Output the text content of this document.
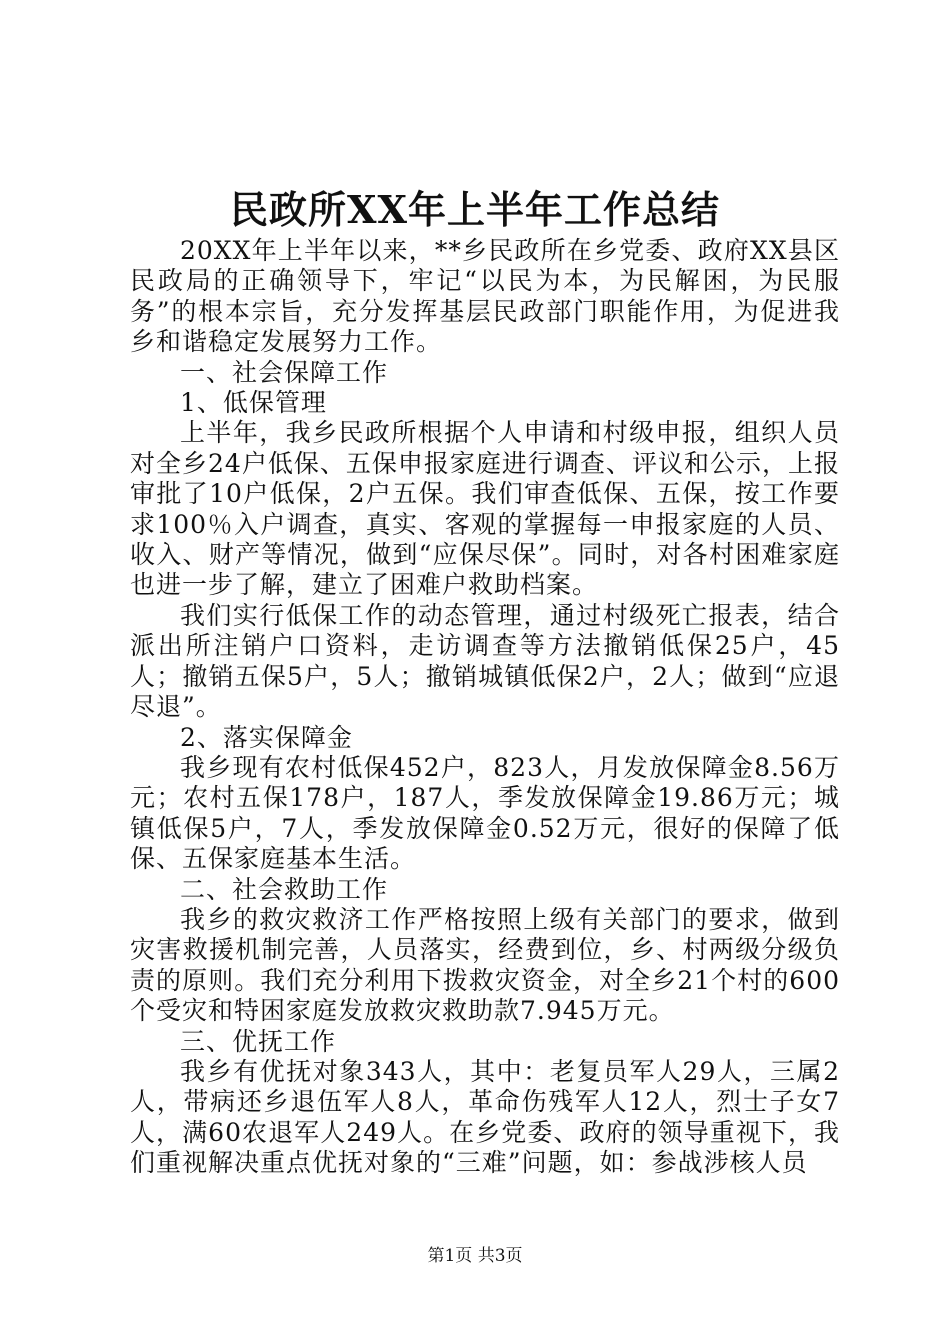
民政所XX年上半年工作总结

20XX年上半年以来，**乡民政所在乡党委、政府XX县区民政局的正确领导下，牢记“以民为本，为民解困，为民服务”的根本宗旨，充分发挥基层民政部门职能作用，为促进我乡和谐稳定发展努力工作。

一、社会保障工作

1、低保管理

上半年，我乡民政所根据个人申请和村级申报，组织人员对全乡24户低保、五保申报家庭进行调查、评议和公示，上报审批了10户低保，2户五保。我们审查低保、五保，按工作要求100％入户调查，真实、客观的掌握每一申报家庭的人员、收入、财产等情况，做到“应保尽保”。同时，对各村困难家庭也进一步了解，建立了困难户救助档案。

我们实行低保工作的动态管理，通过村级死亡报表，结合派出所注销户口资料，走访调查等方法撤销低保25户，45人；撤销五保5户，5人；撤销城镇低保2户，2人；做到“应退尽退”。

2、落实保障金

我乡现有农村低保452户，823人，月发放保障金8.56万元；农村五保178户，187人，季发放保障金19.86万元；城镇低保5户，7人，季发放保障金0.52万元，很好的保障了低保、五保家庭基本生活。

二、社会救助工作

我乡的救灾救济工作严格按照上级有关部门的要求，做到灾害救援机制完善，人员落实，经费到位，乡、村两级分级负责的原则。我们充分利用下拨救灾资金，对全乡21个村的600个受灾和特困家庭发放救灾救助款7.945万元。

三、优抚工作

我乡有优抚对象343人，其中：老复员军人29人，三属2人，带病还乡退伍军人8人，革命伤残军人12人，烈士子女7人，满60农退军人249人。在乡党委、政府的领导重视下，我们重视解决重点优抚对象的“三难”问题，如：参战涉核人员

第1页 共3页
